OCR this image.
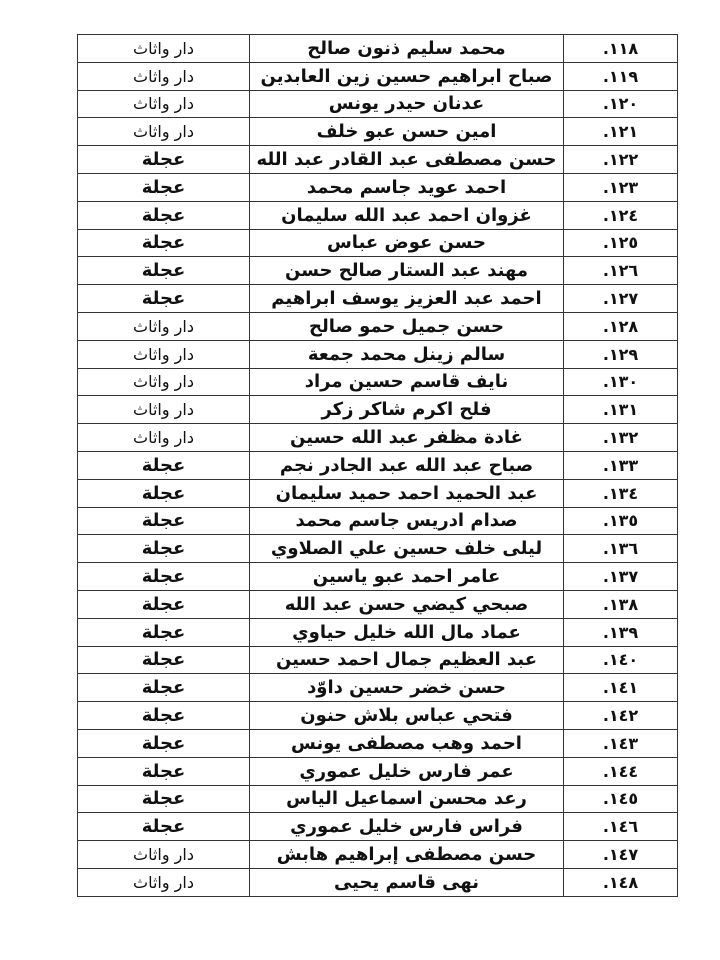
١١٨.	محمد سليم ذنون صالح	دار واثاث
١١٩.	صباح ابراهيم حسين زين العابدين	دار واثاث
١٢٠.	عدنان حيدر يونس	دار واثاث
١٢١.	امين حسن عبو خلف	دار واثاث
١٢٢.	حسن مصطفى عبد القادر عبد الله	عجلة
١٢٣.	احمد عويد جاسم محمد	عجلة
١٢٤.	غزوان احمد عبد الله سليمان	عجلة
١٢٥.	حسن عوض عباس	عجلة
١٢٦.	مهند عبد الستار صالح حسن	عجلة
١٢٧.	احمد عبد العزيز يوسف ابراهيم	عجلة
١٢٨.	حسن جميل حمو صالح	دار واثاث
١٢٩.	سالم زينل محمد جمعة	دار واثاث
١٣٠.	نايف قاسم حسين مراد	دار واثاث
١٣١.	فلح اكرم شاكر زكر	دار واثاث
١٣٢.	غادة مظفر عبد الله حسين	دار واثاث
١٣٣.	صباح عبد الله عبد الجادر نجم	عجلة
١٣٤.	عبد الحميد احمد حميد سليمان	عجلة
١٣٥.	صدام ادريس جاسم محمد	عجلة
١٣٦.	ليلى خلف حسين علي الصلاوي	عجلة
١٣٧.	عامر احمد عبو ياسين	عجلة
١٣٨.	صبحي كيضي حسن عبد الله	عجلة
١٣٩.	عماد مال الله خليل حياوي	عجلة
١٤٠.	عبد العظيم جمال احمد حسين	عجلة
١٤١.	حسن خضر حسين داوّد	عجلة
١٤٢.	فتحي عباس بلاش حنون	عجلة
١٤٣.	احمد وهب مصطفى يونس	عجلة
١٤٤.	عمر فارس خليل عموري	عجلة
١٤٥.	رعد محسن اسماعيل الياس	عجلة
١٤٦.	فراس فارس خليل عموري	عجلة
١٤٧.	حسن مصطفى إبراهيم هابش	دار واثاث
١٤٨.	نهى قاسم يحيى	دار واثاث
